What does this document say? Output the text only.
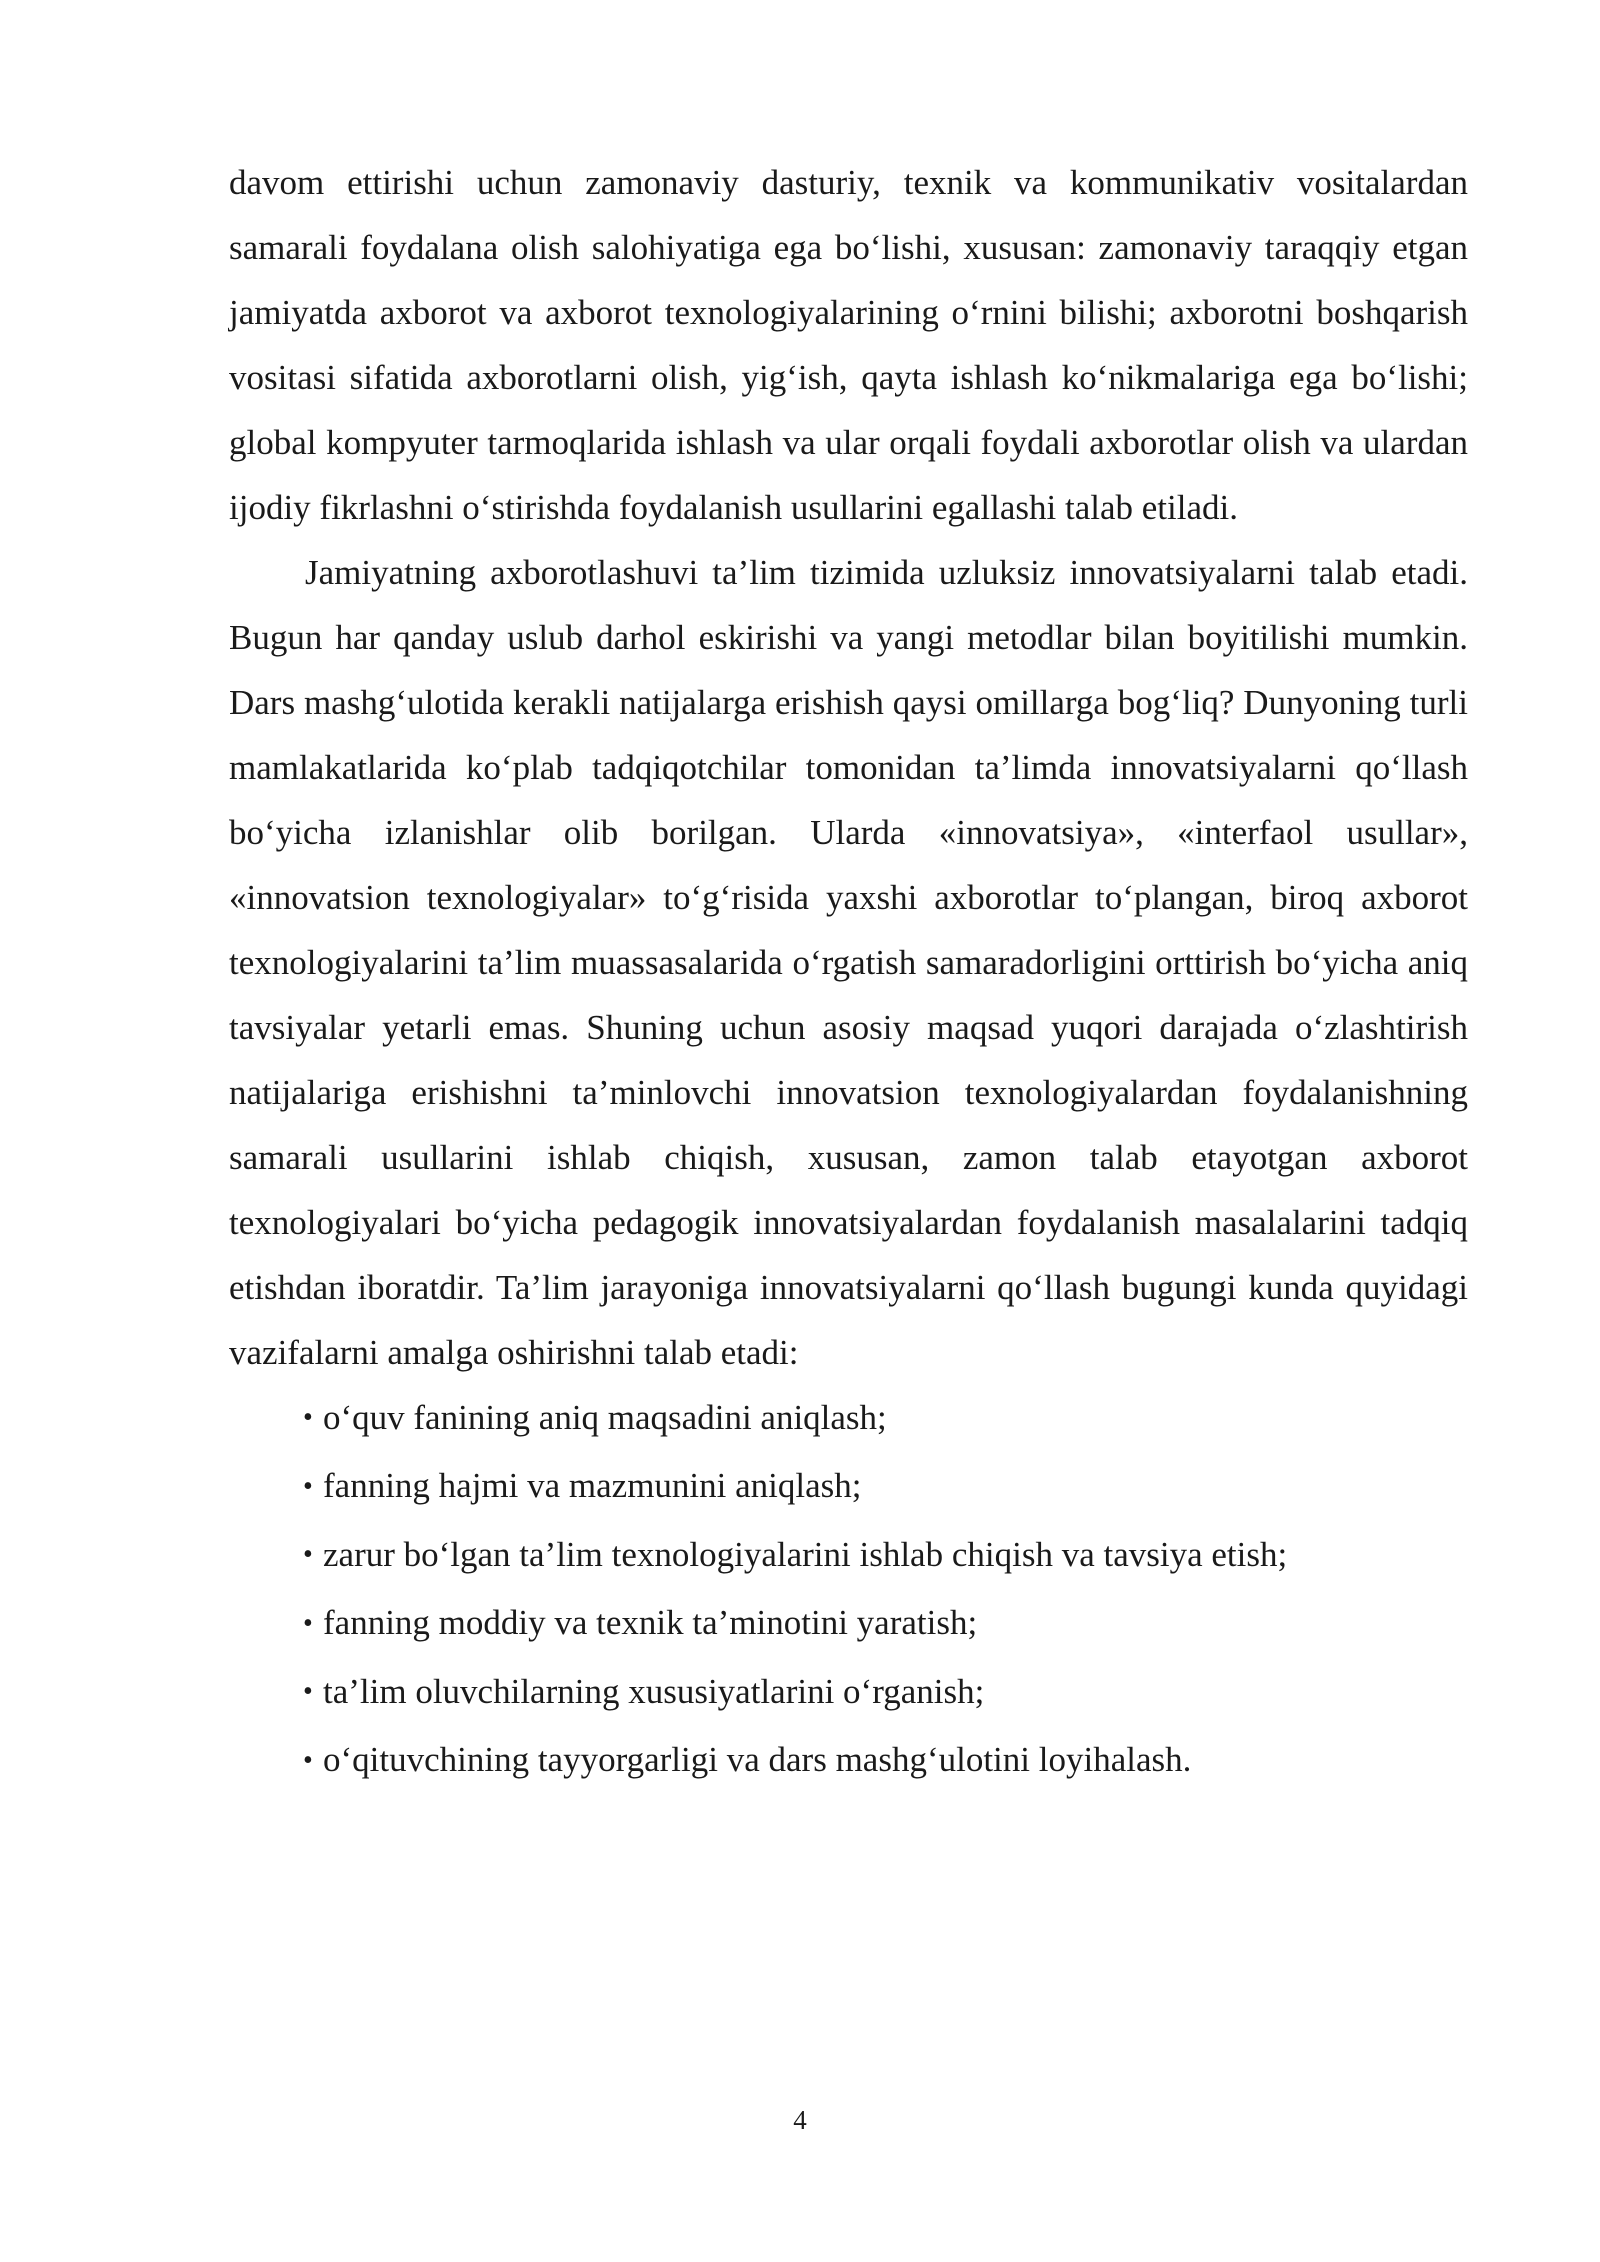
davom ettirishi uchun zamonaviy dasturiy, texnik va kommunikativ vositalardan samarali foydalana olish salohiyatiga ega bo‘lishi, xususan: zamonaviy taraqqiy etgan jamiyatda axborot va axborot texnologiyalarining o‘rnini bilishi; axborotni boshqarish vositasi sifatida axborotlarni olish, yig‘ish, qayta ishlash ko‘nikmalariga ega bo‘lishi; global kompyuter tarmoqlarida ishlash va ular orqali foydali axborotlar olish va ulardan ijodiy fikrlashni o‘stirishda foydalanish usullarini egallashi talab etiladi.

Jamiyatning axborotlashuvi ta’lim tizimida uzluksiz innovatsiyalarni talab etadi. Bugun har qanday uslub darhol eskirishi va yangi metodlar bilan boyitilishi mumkin. Dars mashg‘ulotida kerakli natijalarga erishish qaysi omillarga bog‘liq? Dunyoning turli mamlakatlarida ko‘plab tadqiqotchilar tomonidan ta’limda innovatsiyalarni qo‘llash bo‘yicha izlanishlar olib borilgan. Ularda «innovatsiya», «interfaol usullar», «innovatsion texnologiyalar» to‘g‘risida yaxshi axborotlar to‘plangan, biroq axborot texnologiyalarini ta’lim muassasalarida o‘rgatish samaradorligini orttirish bo‘yicha aniq tavsiyalar yetarli emas. Shuning uchun asosiy maqsad yuqori darajada o‘zlashtirish natijalariga erishishni ta’minlovchi innovatsion texnologiyalardan foydalanishning samarali usullarini ishlab chiqish, xususan, zamon talab etayotgan axborot texnologiyalari bo‘yicha pedagogik innovatsiyalardan foydalanish masalalarini tadqiq etishdan iboratdir. Ta’lim jarayoniga innovatsiyalarni qo‘llash bugungi kunda quyidagi vazifalarni amalga oshirishni talab etadi:

• o‘quv fanining aniq maqsadini aniqlash;
• fanning hajmi va mazmunini aniqlash;
• zarur bo‘lgan ta’lim texnologiyalarini ishlab chiqish va tavsiya etish;
• fanning moddiy va texnik ta’minotini yaratish;
• ta’lim oluvchilarning xususiyatlarini o‘rganish;
• o‘qituvchining tayyorgarligi va dars mashg‘ulotini loyihalash.
4
